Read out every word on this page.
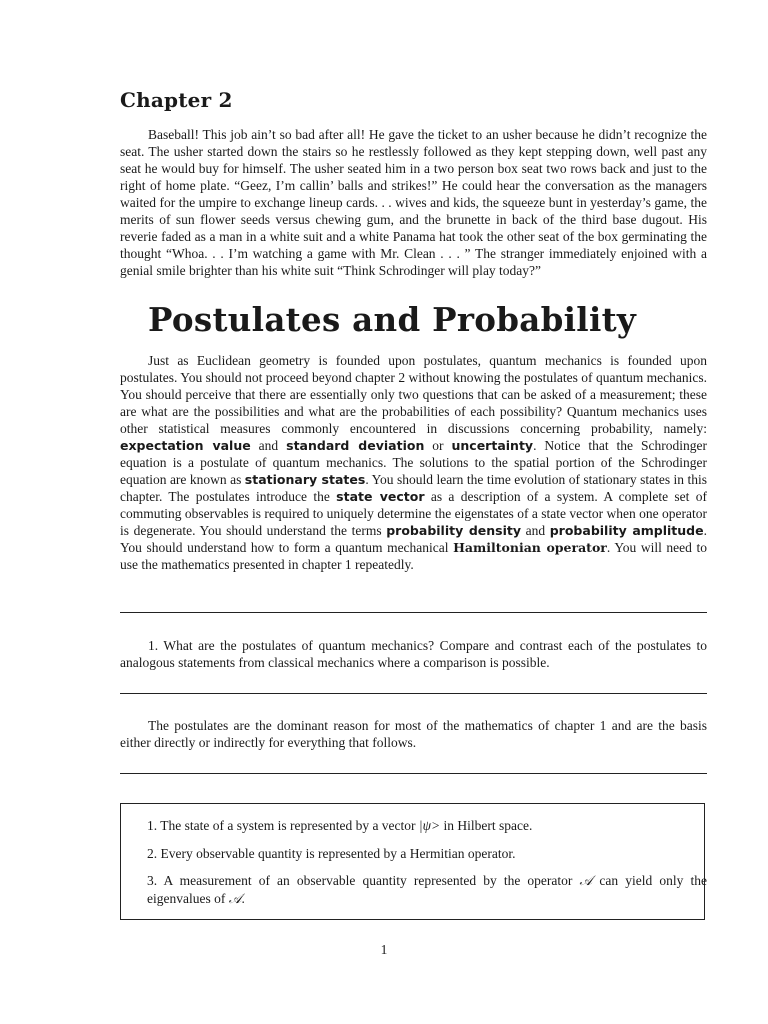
Chapter 2

Baseball! This job ain’t so bad after all! He gave the ticket to an usher because he didn’t recognize the seat. The usher started down the stairs so he restlessly followed as they kept stepping down, well past any seat he would buy for himself. The usher seated him in a two person box seat two rows back and just to the right of home plate. “Geez, I’m callin’ balls and strikes!” He could hear the conversation as the managers waited for the umpire to exchange lineup cards. . . wives and kids, the squeeze bunt in yesterday’s game, the merits of sun flower seeds versus chewing gum, and the brunette in back of the third base dugout. His reverie faded as a man in a white suit and a white Panama hat took the other seat of the box germinating the thought “Whoa. . . I’m watching a game with Mr. Clean . . . ” The stranger immediately enjoined with a genial smile brighter than his white suit “Think Schrodinger will play today?”

Postulates and Probability

Just as Euclidean geometry is founded upon postulates, quantum mechanics is founded upon postulates. You should not proceed beyond chapter 2 without knowing the postulates of quantum mechanics. You should perceive that there are essentially only two questions that can be asked of a measurement; these are what are the possibilities and what are the probabilities of each possibility? Quantum mechanics uses other statistical measures commonly encountered in discussions concerning probability, namely: expectation value and standard deviation or uncertainty. Notice that the Schrodinger equation is a postulate of quantum mechanics. The solutions to the spatial portion of the Schrodinger equation are known as stationary states. You should learn the time evolution of stationary states in this chapter. The postulates introduce the state vector as a description of a system. A complete set of commuting observables is required to uniquely determine the eigenstates of a state vector when one operator is degenerate. You should understand the terms probability density and probability amplitude. You should understand how to form a quantum mechanical Hamiltonian operator. You will need to use the mathematics presented in chapter 1 repeatedly.

1. What are the postulates of quantum mechanics? Compare and contrast each of the postulates to analogous statements from classical mechanics where a comparison is possible.

The postulates are the dominant reason for most of the mathematics of chapter 1 and are the basis either directly or indirectly for everything that follows.

1. The state of a system is represented by a vector |ψ> in Hilbert space.

2. Every observable quantity is represented by a Hermitian operator.

3. A measurement of an observable quantity represented by the operator 𝒜 can yield only the eigenvalues of 𝒜.

1
